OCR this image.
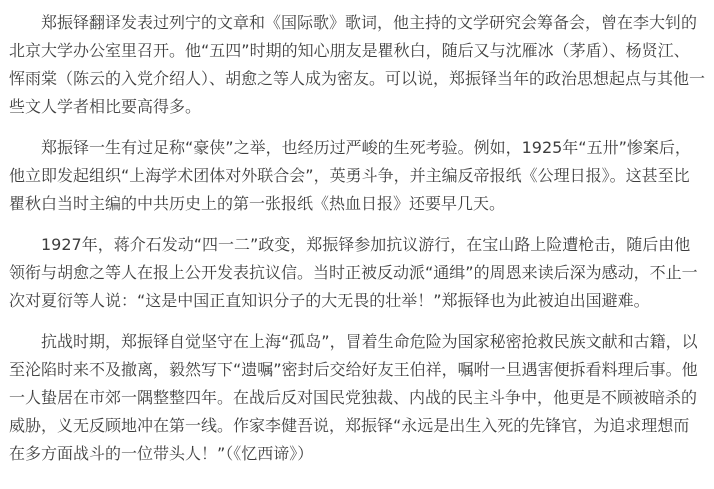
郑振铎翻译发表过列宁的文章和《国际歌》歌词，他主持的文学研究会筹备会，曾在李大钊的北京大学办公室里召开。他“五四”时期的知心朋友是瞿秋白，随后又与沈雁冰（茅盾）、杨贤江、恽雨棠（陈云的入党介绍人）、胡愈之等人成为密友。可以说，郑振铎当年的政治思想起点与其他一些文人学者相比要高得多。

郑振铎一生有过足称“豪侠”之举，也经历过严峻的生死考验。例如，1925年“五卅”惨案后，他立即发起组织“上海学术团体对外联合会”，英勇斗争，并主编反帝报纸《公理日报》。这甚至比瞿秋白当时主编的中共历史上的第一张报纸《热血日报》还要早几天。

1927年，蒋介石发动“四一二”政变，郑振铎参加抗议游行，在宝山路上险遭枪击，随后由他领衔与胡愈之等人在报上公开发表抗议信。当时正被反动派“通缉”的周恩来读后深为感动，不止一次对夏衍等人说：“这是中国正直知识分子的大无畏的壮举！”郑振铎也为此被迫出国避难。

抗战时期，郑振铎自觉坚守在上海“孤岛”，冒着生命危险为国家秘密抢救民族文献和古籍，以至沦陷时来不及撤离，毅然写下“遗嘱”密封后交给好友王伯祥，嘱咐一旦遇害便拆看料理后事。他一人蛰居在市郊一隅整整四年。在战后反对国民党独裁、内战的民主斗争中，他更是不顾被暗杀的威胁，义无反顾地冲在第一线。作家李健吾说，郑振铎“永远是出生入死的先锋官，为追求理想而在多方面战斗的一位带头人！”（《忆西谛》）
